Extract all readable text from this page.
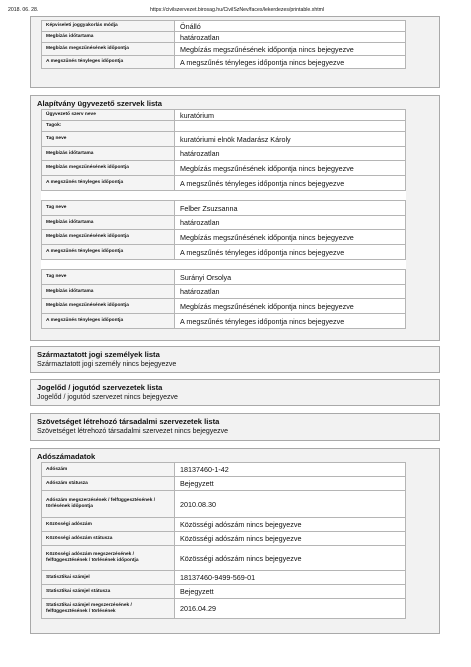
2018. 06. 28.	https://civilszervezet.birosag.hu/CivilSzNev/faces/lekerdezes/printable.xhtml
Képviseleti joggyakorlás módja	Önálló
Megbízás időtartama	határozatlan
Megbízás megszűnésének időpontja	Megbízás megszűnésének időpontja nincs bejegyezve
A megszűnés tényleges időpontja	A megszűnés tényleges időpontja nincs bejegyezve
Alapítvány ügyvezető szervek lista
Ügyvezető szerv neve	kuratórium
Tagok:	
Tag neve	kuratóriumi elnök Madarász Károly
Megbízás időtartama	határozatlan
Megbízás megszűnésének időpontja	Megbízás megszűnésének időpontja nincs bejegyezve
A megszűnés tényleges időpontja	A megszűnés tényleges időpontja nincs bejegyezve

Tag neve	Felber Zsuzsanna
Megbízás időtartama	határozatlan
Megbízás megszűnésének időpontja	Megbízás megszűnésének időpontja nincs bejegyezve
A megszűnés tényleges időpontja	A megszűnés tényleges időpontja nincs bejegyezve

Tag neve	Surányi Orsolya
Megbízás időtartama	határozatlan
Megbízás megszűnésének időpontja	Megbízás megszűnésének időpontja nincs bejegyezve
A megszűnés tényleges időpontja	A megszűnés tényleges időpontja nincs bejegyezve
Származtatott jogi személyek lista
Származtatott jogi személy nincs bejegyezve
Jogelőd / jogutód szervezetek lista
Jogelőd / jogutód szervezet nincs bejegyezve
Szövetséget létrehozó társadalmi szervezetek lista
Szövetséget létrehozó társadalmi szervezet nincs bejegyezve
Adószámadatok
Adószám	18137460-1-42
Adószám státusza	Bejegyzett
Adószám megszerzésének / felfüggesztésének / törlésének időpontja	2010.08.30
Közösségi adószám	Közösségi adószám nincs bejegyezve
Közösségi adószám státusza	Közösségi adószám nincs bejegyezve
Közösségi adószám megszerzésének / felfüggesztésének / törlésének időpontja	Közösségi adószám nincs bejegyezve
Statisztikai számjel	18137460-9499-569-01
Statisztikai számjel státusza	Bejegyzett
Statisztikai számjel megszerzésének / felfüggesztésének / törlésének	2016.04.29
